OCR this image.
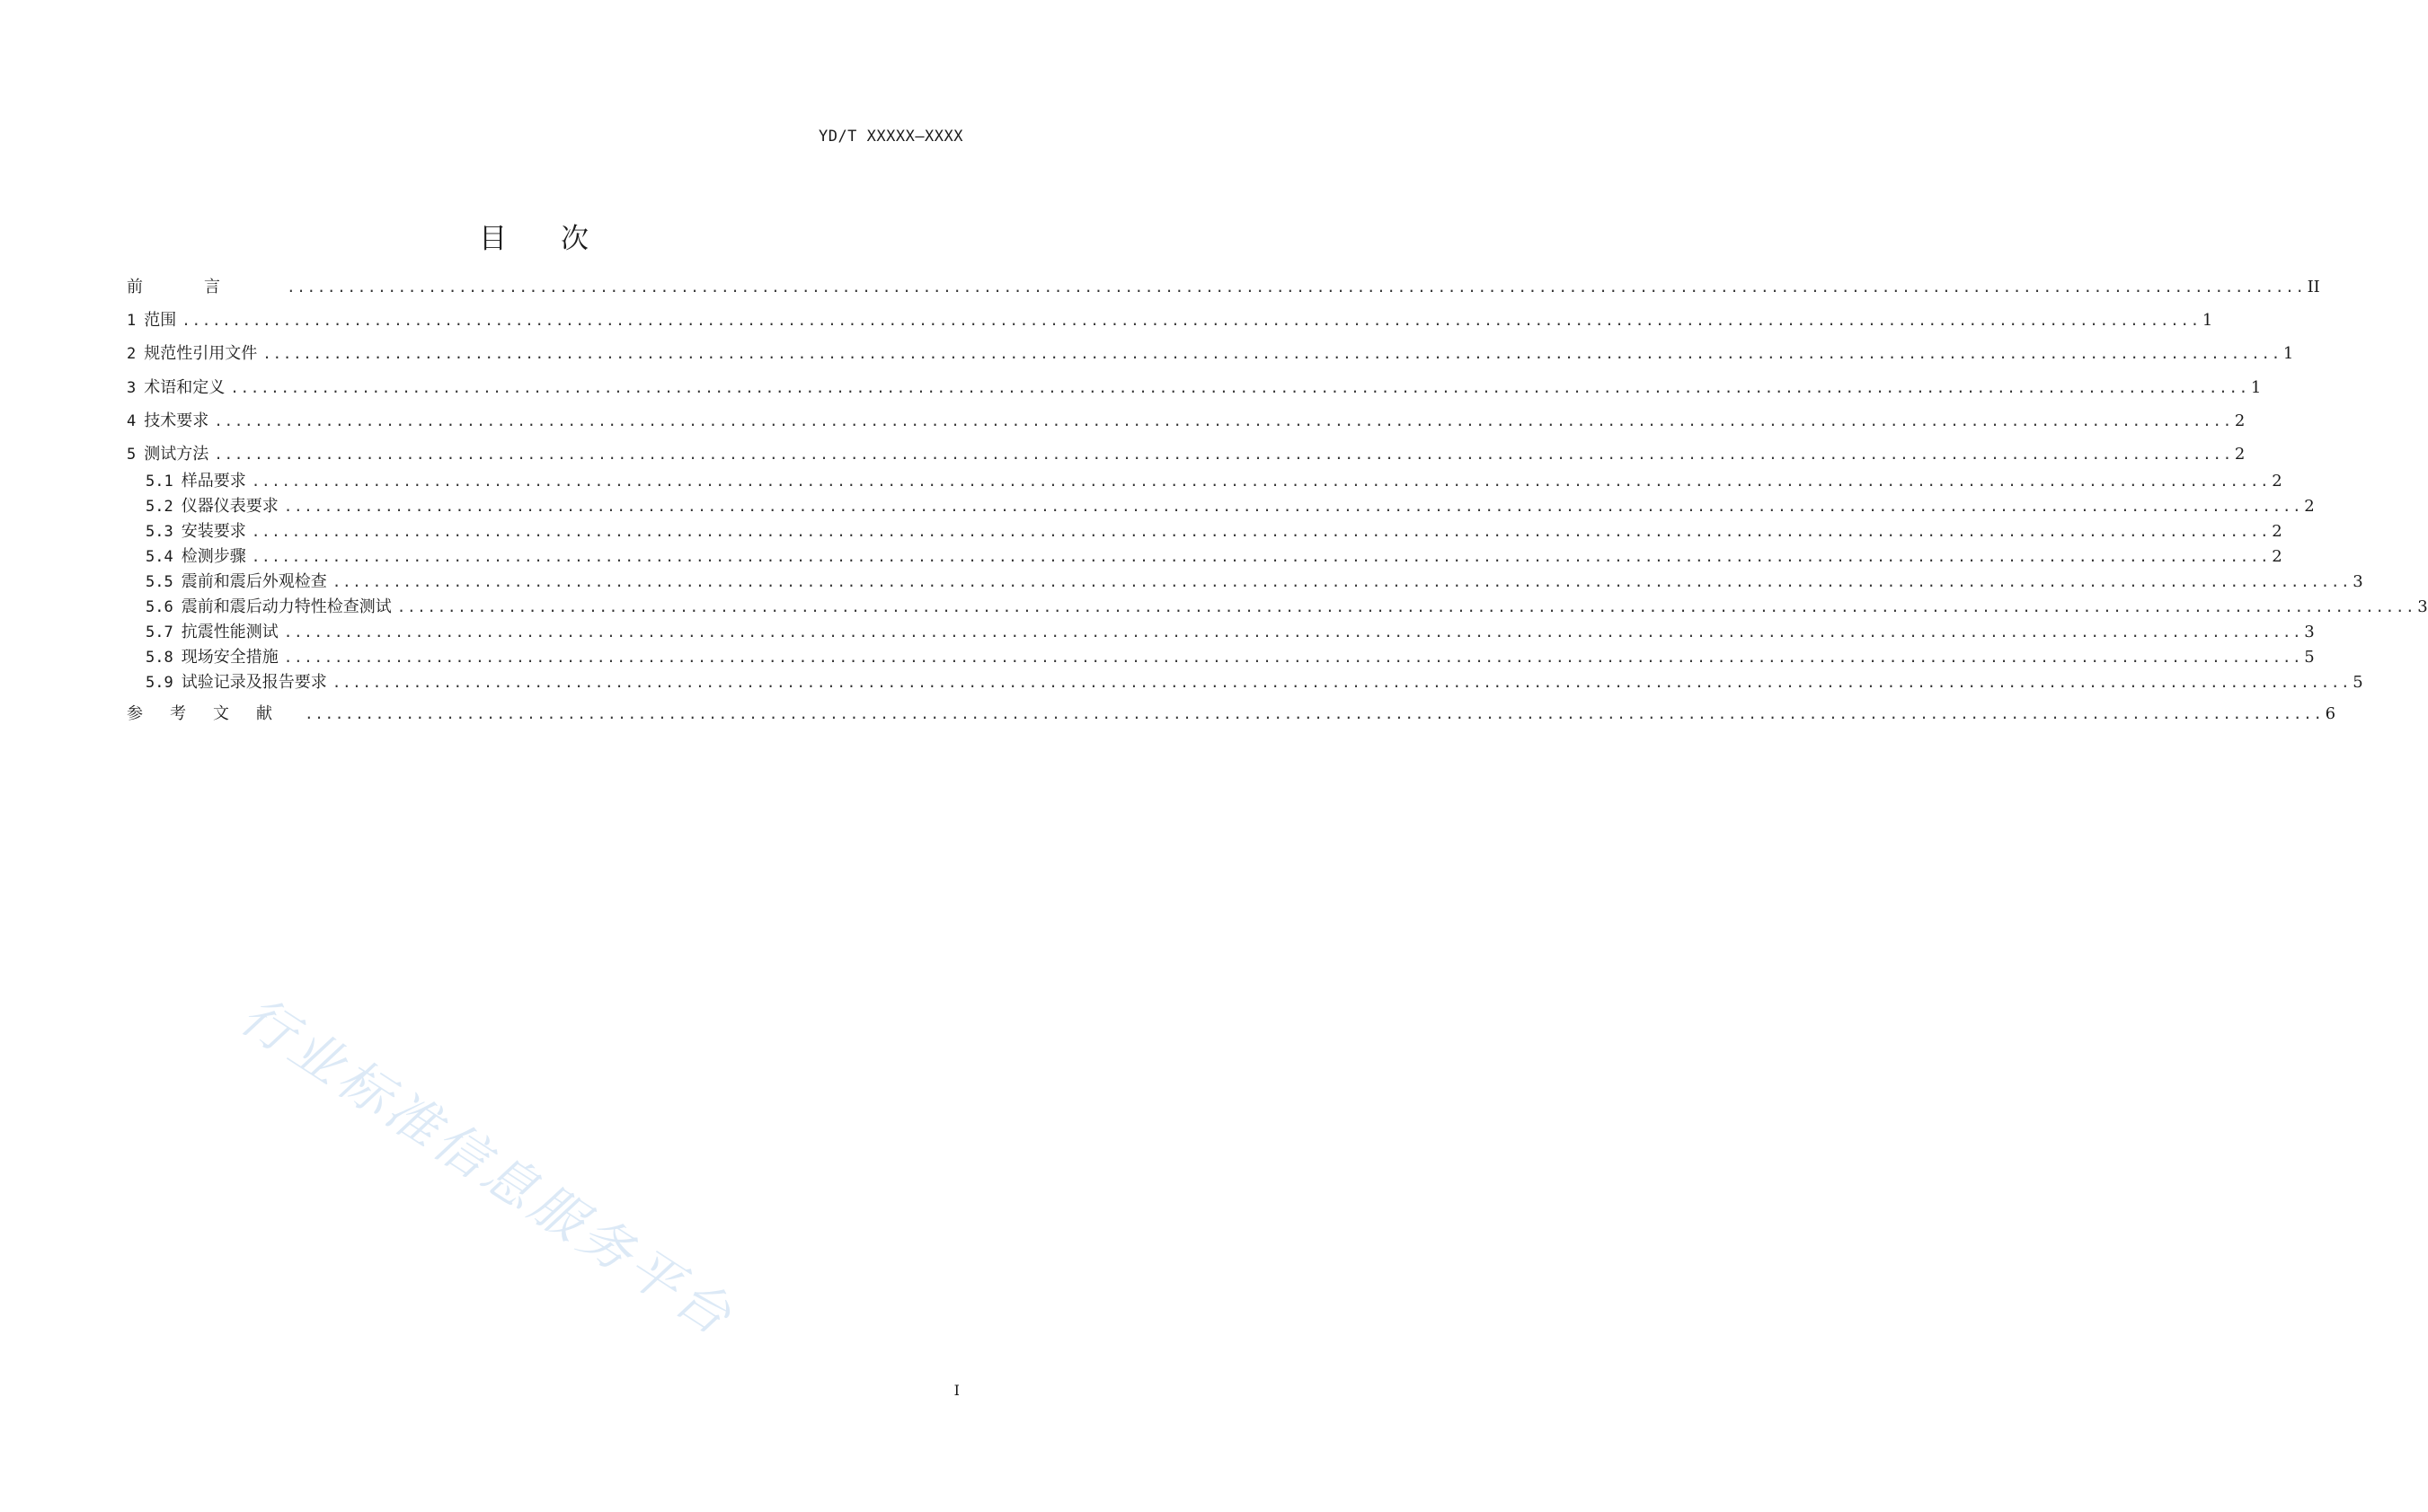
YD/T XXXXX—XXXX
目 次
前言 ........................................................................................................................................................................................................ II
1 范围 ........................................................................................................................................................................................................ 1
2 规范性引用文件 ........................................................................................................................................................................................................ 1
3 术语和定义 ........................................................................................................................................................................................................ 1
4 技术要求 ........................................................................................................................................................................................................ 2
5 测试方法 ........................................................................................................................................................................................................ 2
5.1 样品要求 ........................................................................................................................................................................................................ 2
5.2 仪器仪表要求 ........................................................................................................................................................................................................ 2
5.3 安装要求 ........................................................................................................................................................................................................ 2
5.4 检测步骤 ........................................................................................................................................................................................................ 2
5.5 震前和震后外观检查 ........................................................................................................................................................................................................ 3
5.6 震前和震后动力特性检查测试 ........................................................................................................................................................................................................ 3
5.7 抗震性能测试 ........................................................................................................................................................................................................ 3
5.8 现场安全措施 ........................................................................................................................................................................................................ 5
5.9 试验记录及报告要求 ........................................................................................................................................................................................................ 5
参考文献 ........................................................................................................................................................................................................ 6
行业标准信息服务平台
I
